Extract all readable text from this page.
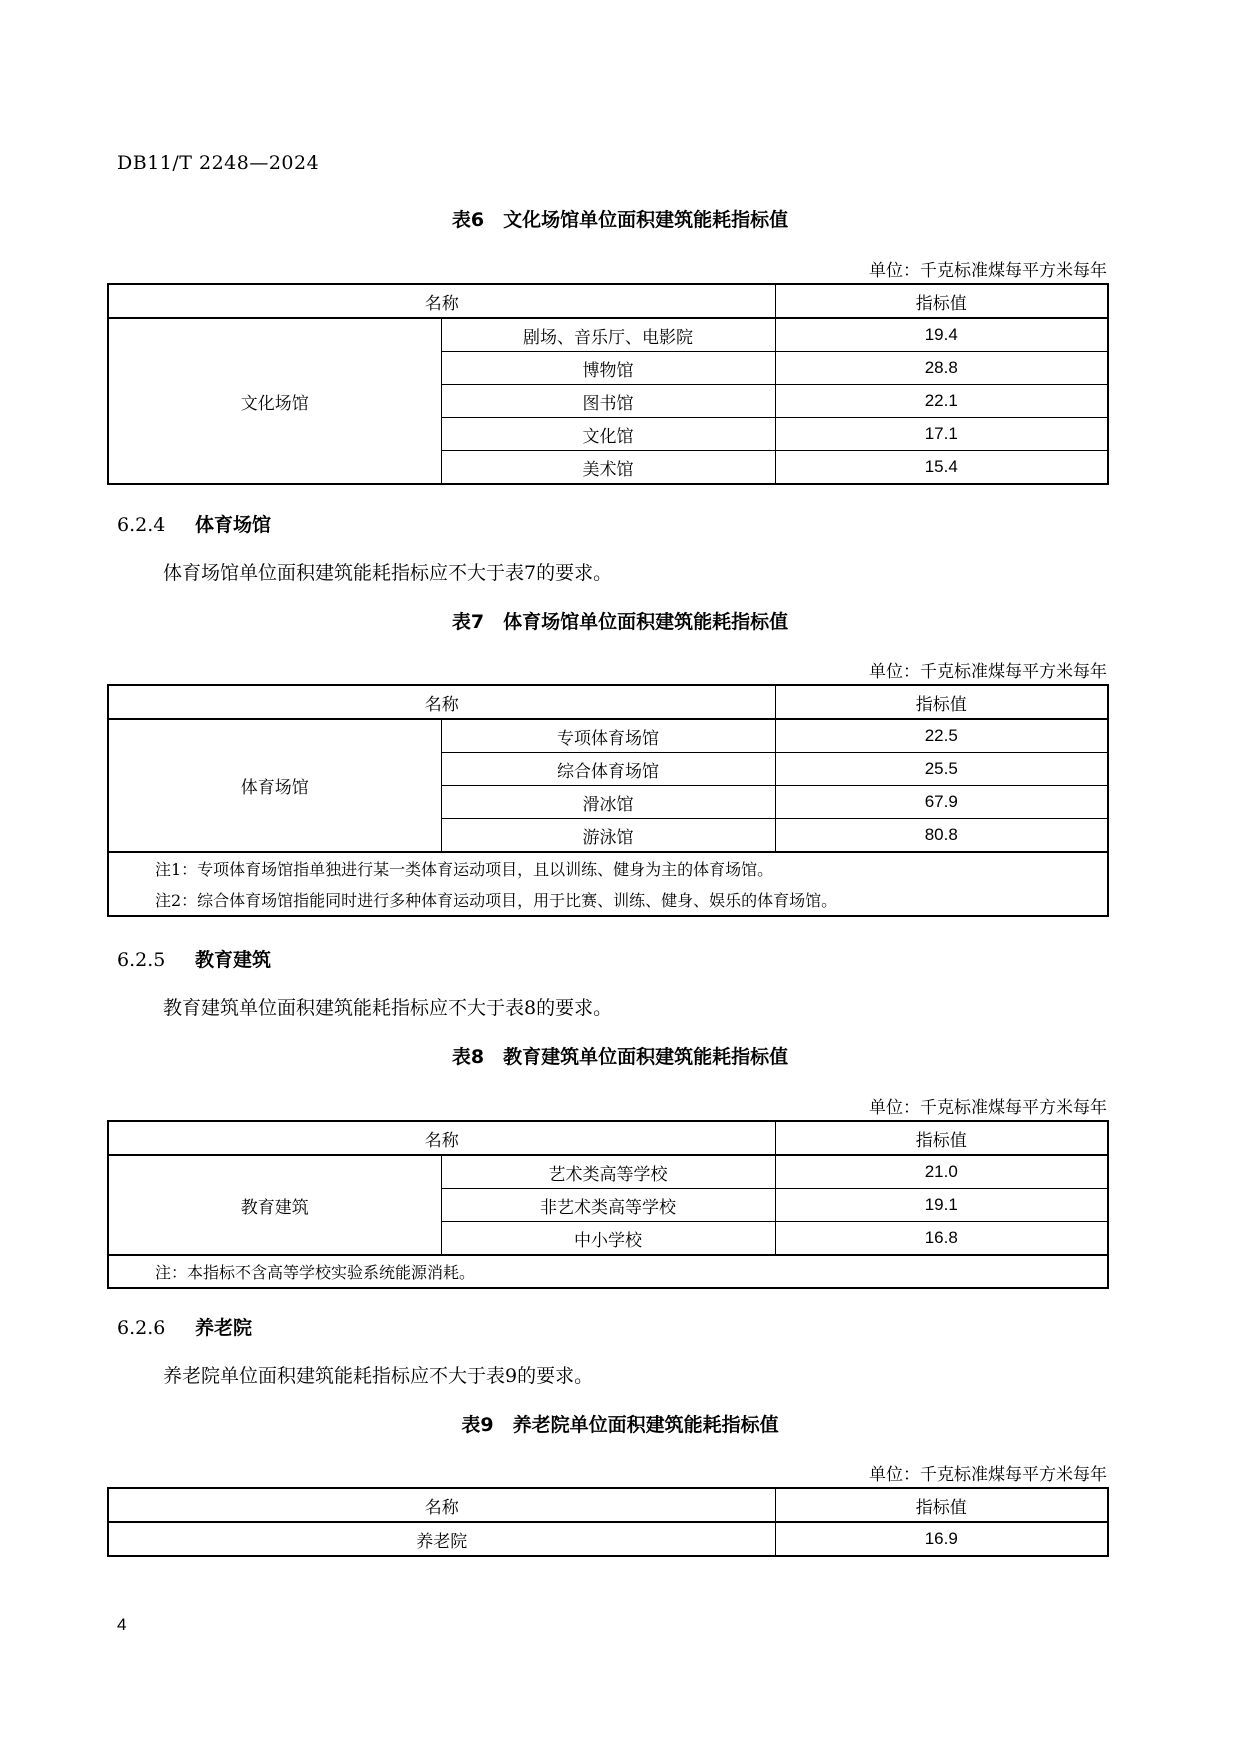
DB11/T 2248—2024
表6　文化场馆单位面积建筑能耗指标值
单位：千克标准煤每平方米每年
名称		指标值
文化场馆	剧场、音乐厅、电影院	19.4
	博物馆	28.8
	图书馆	22.1
	文化馆	17.1
	美术馆	15.4
6.2.4 体育场馆
体育场馆单位面积建筑能耗指标应不大于表7的要求。
表7　体育场馆单位面积建筑能耗指标值
单位：千克标准煤每平方米每年
名称		指标值
体育场馆	专项体育场馆	22.5
	综合体育场馆	25.5
	滑冰馆	67.9
	游泳馆	80.8
注1：专项体育场馆指单独进行某一类体育运动项目，且以训练、健身为主的体育场馆。		
注2：综合体育场馆指能同时进行多种体育运动项目，用于比赛、训练、健身、娱乐的体育场馆。		
6.2.5 教育建筑
教育建筑单位面积建筑能耗指标应不大于表8的要求。
表8　教育建筑单位面积建筑能耗指标值
单位：千克标准煤每平方米每年
名称		指标值
教育建筑	艺术类高等学校	21.0
	非艺术类高等学校	19.1
	中小学校	16.8
注：本指标不含高等学校实验系统能源消耗。		
6.2.6 养老院
养老院单位面积建筑能耗指标应不大于表9的要求。
表9　养老院单位面积建筑能耗指标值
单位：千克标准煤每平方米每年
名称	指标值
养老院	16.9
4
